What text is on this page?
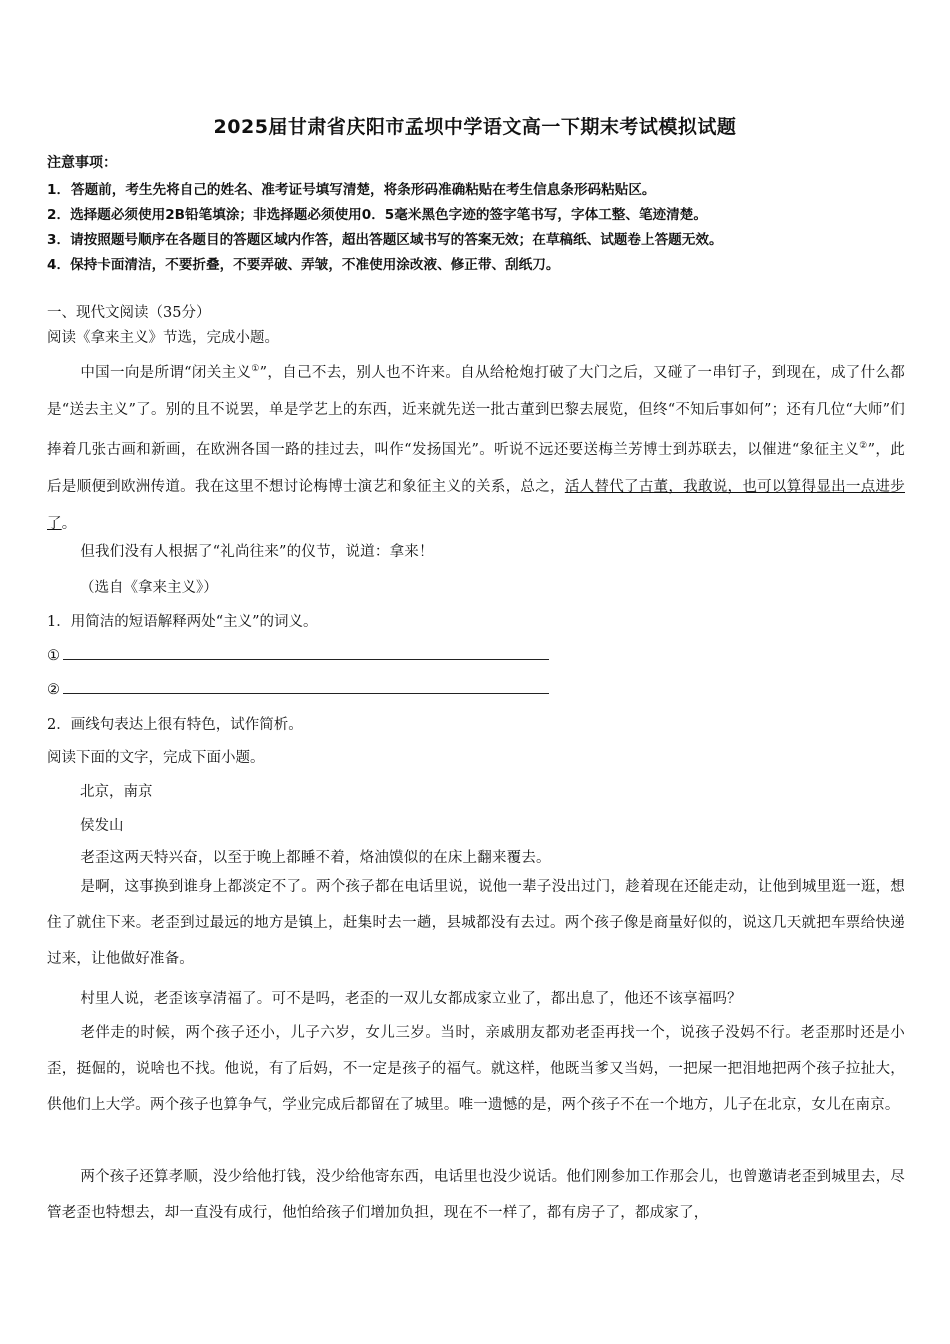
2025届甘肃省庆阳市孟坝中学语文高一下期末考试模拟试题
注意事项：
1．答题前，考生先将自己的姓名、准考证号填写清楚，将条形码准确粘贴在考生信息条形码粘贴区。
2．选择题必须使用2B铅笔填涂；非选择题必须使用0．5毫米黑色字迹的签字笔书写，字体工整、笔迹清楚。
3．请按照题号顺序在各题目的答题区域内作答，超出答题区域书写的答案无效；在草稿纸、试题卷上答题无效。
4．保持卡面清洁，不要折叠，不要弄破、弄皱，不准使用涂改液、修正带、刮纸刀。
一、现代文阅读（35分）
阅读《拿来主义》节选，完成小题。
中国一向是所谓“闭关主义①”，自己不去，别人也不许来。自从给枪炮打破了大门之后，又碰了一串钉子，到现在，成了什么都是“送去主义”了。别的且不说罢，单是学艺上的东西，近来就先送一批古董到巴黎去展览，但终“不知后事如何”；还有几位“大师”们捧着几张古画和新画，在欧洲各国一路的挂过去，叫作“发扬国光”。听说不远还要送梅兰芳博士到苏联去，以催进“象征主义②”，此后是顺便到欧洲传道。我在这里不想讨论梅博士演艺和象征主义的关系，总之，活人替代了古董，我敢说，也可以算得显出一点进步了。
但我们没有人根据了“礼尚往来”的仪节，说道：拿来！
（选自《拿来主义》）
1．用简洁的短语解释两处“主义”的词义。
①
②
2．画线句表达上很有特色，试作简析。
阅读下面的文字，完成下面小题。
北京，南京
侯发山
老歪这两天特兴奋，以至于晚上都睡不着，烙油馍似的在床上翻来覆去。
是啊，这事换到谁身上都淡定不了。两个孩子都在电话里说，说他一辈子没出过门，趁着现在还能走动，让他到城里逛一逛，想住了就住下来。老歪到过最远的地方是镇上，赶集时去一趟，县城都没有去过。两个孩子像是商量好似的，说这几天就把车票给快递过来，让他做好准备。
村里人说，老歪该享清福了。可不是吗，老歪的一双儿女都成家立业了，都出息了，他还不该享福吗？
老伴走的时候，两个孩子还小，儿子六岁，女儿三岁。当时，亲戚朋友都劝老歪再找一个，说孩子没妈不行。老歪那时还是小歪，挺倔的，说啥也不找。他说，有了后妈，不一定是孩子的福气。就这样，他既当爹又当妈，一把屎一把泪地把两个孩子拉扯大，供他们上大学。两个孩子也算争气，学业完成后都留在了城里。唯一遗憾的是，两个孩子不在一个地方，儿子在北京，女儿在南京。
两个孩子还算孝顺，没少给他打钱，没少给他寄东西，电话里也没少说话。他们刚参加工作那会儿，也曾邀请老歪到城里去，尽管老歪也特想去，却一直没有成行，他怕给孩子们增加负担，现在不一样了，都有房子了，都成家了，
